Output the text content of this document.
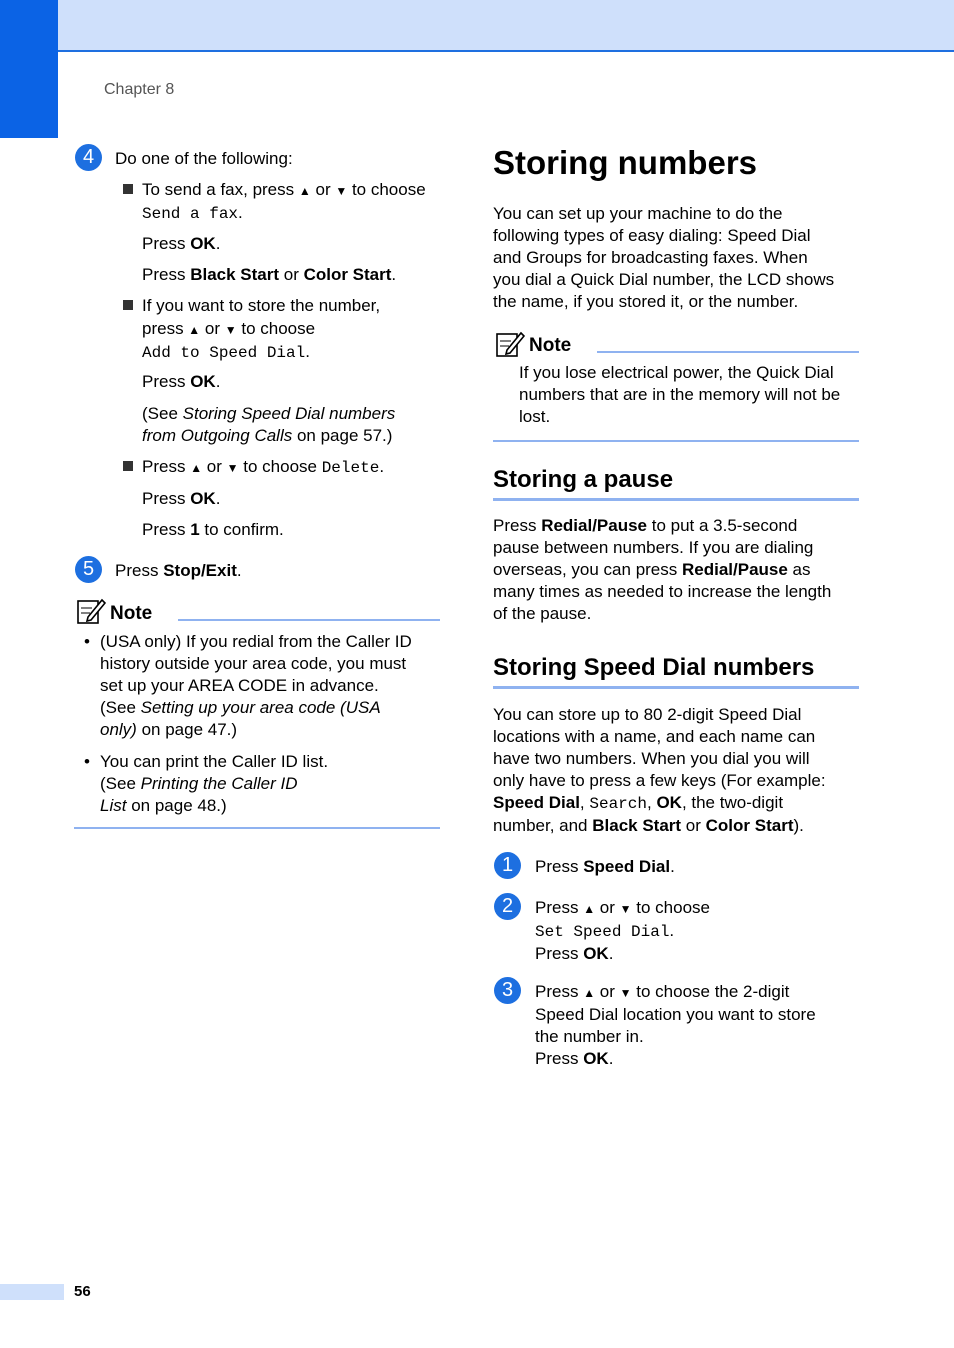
Chapter 8
4	Do one of the following:
To send a fax, press ▲ or ▼ to choose
Send a fax.
Press OK.
Press Black Start or Color Start.
If you want to store the number,
press ▲ or ▼ to choose
Add to Speed Dial.
Press OK.
(See Storing Speed Dial numbers
from Outgoing Calls on page 57.)
Press ▲ or ▼ to choose Delete.
Press OK.
Press 1 to confirm.
5	Press Stop/Exit.
Note
• (USA only) If you redial from the Caller ID
history outside your area code, you must
set up your AREA CODE in advance.
(See Setting up your area code (USA
only) on page 47.)
• You can print the Caller ID list.
(See Printing the Caller ID
List on page 48.)
Storing numbers
You can set up your machine to do the
following types of easy dialing: Speed Dial
and Groups for broadcasting faxes. When
you dial a Quick Dial number, the LCD shows
the name, if you stored it, or the number.
Note
If you lose electrical power, the Quick Dial
numbers that are in the memory will not be
lost.
Storing a pause
Press Redial/Pause to put a 3.5-second
pause between numbers. If you are dialing
overseas, you can press Redial/Pause as
many times as needed to increase the length
of the pause.
Storing Speed Dial numbers
You can store up to 80 2-digit Speed Dial
locations with a name, and each name can
have two numbers. When you dial you will
only have to press a few keys (For example:
Speed Dial, Search, OK, the two-digit
number, and Black Start or Color Start).
1	Press Speed Dial.
2	Press ▲ or ▼ to choose
Set Speed Dial.
Press OK.
3	Press ▲ or ▼ to choose the 2-digit
Speed Dial location you want to store
the number in.
Press OK.
56
